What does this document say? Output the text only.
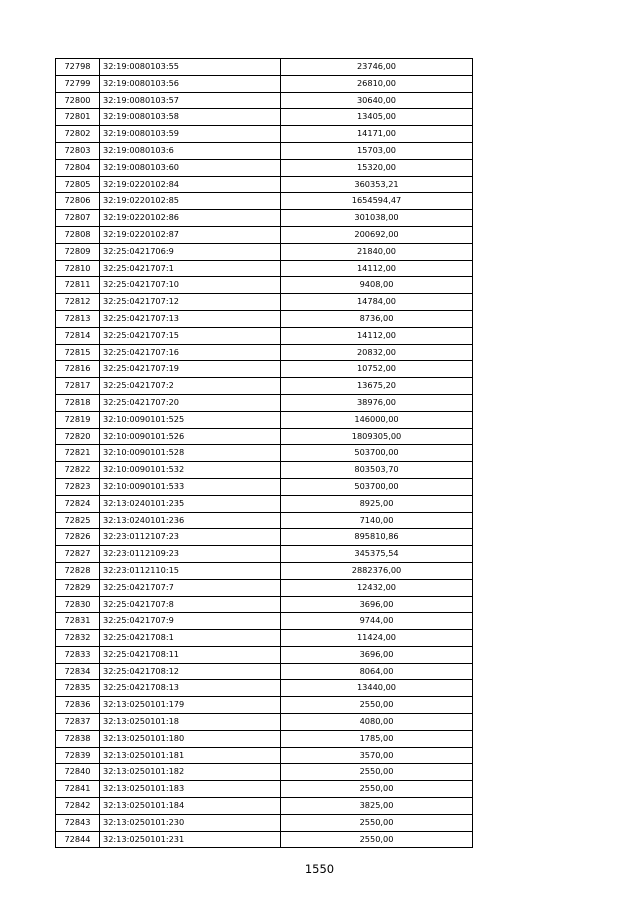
72798	32:19:0080103:55	23746,00
72799	32:19:0080103:56	26810,00
72800	32:19:0080103:57	30640,00
72801	32:19:0080103:58	13405,00
72802	32:19:0080103:59	14171,00
72803	32:19:0080103:6	15703,00
72804	32:19:0080103:60	15320,00
72805	32:19:0220102:84	360353,21
72806	32:19:0220102:85	1654594,47
72807	32:19:0220102:86	301038,00
72808	32:19:0220102:87	200692,00
72809	32:25:0421706:9	21840,00
72810	32:25:0421707:1	14112,00
72811	32:25:0421707:10	9408,00
72812	32:25:0421707:12	14784,00
72813	32:25:0421707:13	8736,00
72814	32:25:0421707:15	14112,00
72815	32:25:0421707:16	20832,00
72816	32:25:0421707:19	10752,00
72817	32:25:0421707:2	13675,20
72818	32:25:0421707:20	38976,00
72819	32:10:0090101:525	146000,00
72820	32:10:0090101:526	1809305,00
72821	32:10:0090101:528	503700,00
72822	32:10:0090101:532	803503,70
72823	32:10:0090101:533	503700,00
72824	32:13:0240101:235	8925,00
72825	32:13:0240101:236	7140,00
72826	32:23:0112107:23	895810,86
72827	32:23:0112109:23	345375,54
72828	32:23:0112110:15	2882376,00
72829	32:25:0421707:7	12432,00
72830	32:25:0421707:8	3696,00
72831	32:25:0421707:9	9744,00
72832	32:25:0421708:1	11424,00
72833	32:25:0421708:11	3696,00
72834	32:25:0421708:12	8064,00
72835	32:25:0421708:13	13440,00
72836	32:13:0250101:179	2550,00
72837	32:13:0250101:18	4080,00
72838	32:13:0250101:180	1785,00
72839	32:13:0250101:181	3570,00
72840	32:13:0250101:182	2550,00
72841	32:13:0250101:183	2550,00
72842	32:13:0250101:184	3825,00
72843	32:13:0250101:230	2550,00
72844	32:13:0250101:231	2550,00
1550
